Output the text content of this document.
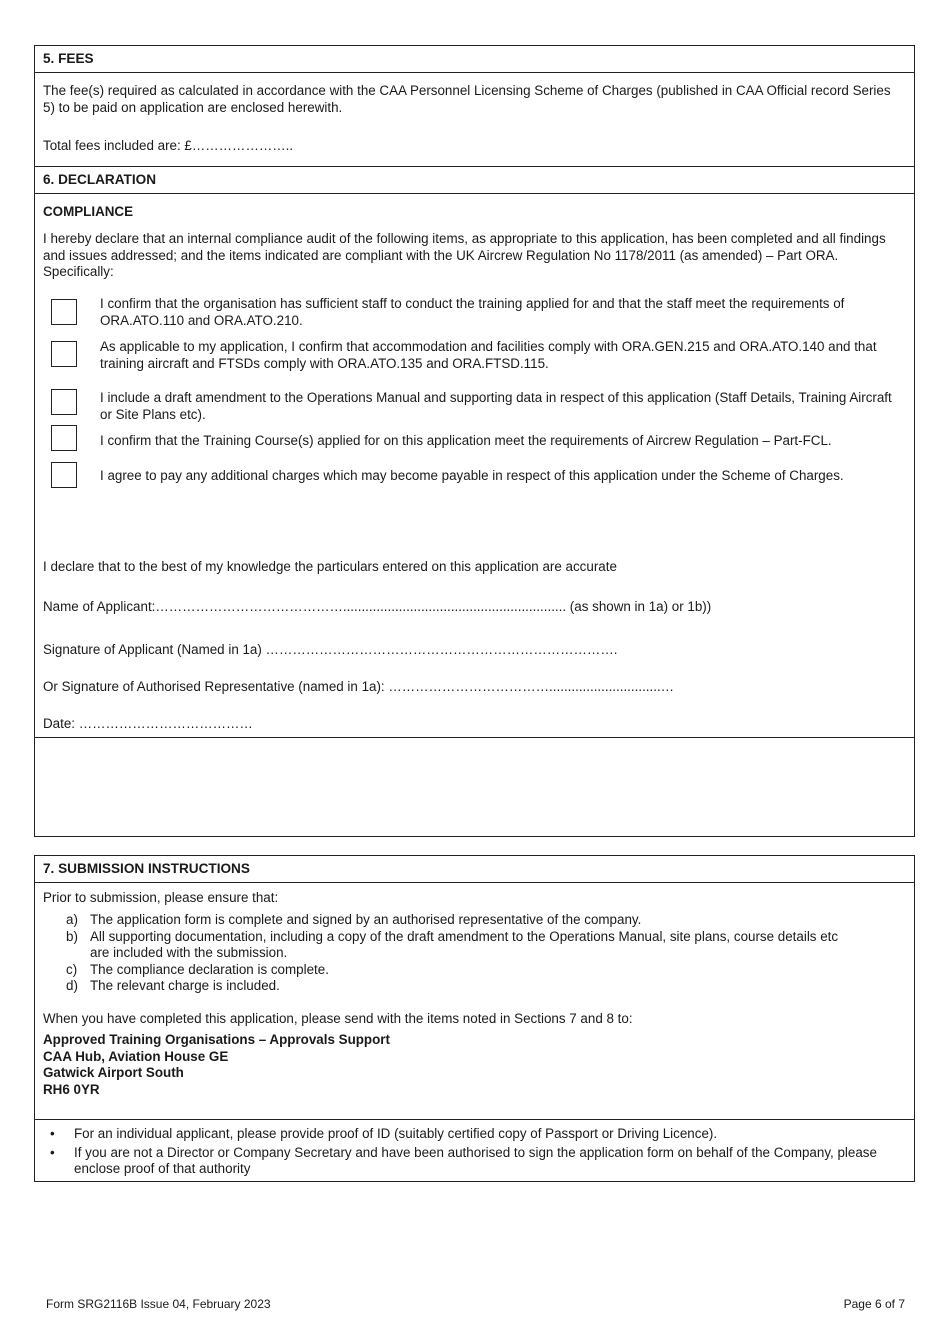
5. FEES

The fee(s) required as calculated in accordance with the CAA Personnel Licensing Scheme of Charges (published in CAA Official record Series 5) to be paid on application are enclosed herewith.

Total fees included are: £…………………..

6. DECLARATION

COMPLIANCE

I hereby declare that an internal compliance audit of the following items, as appropriate to this application, has been completed and all findings and issues addressed; and the items indicated are compliant with the UK Aircrew Regulation No 1178/2011 (as amended) – Part ORA. Specifically:

I confirm that the organisation has sufficient staff to conduct the training applied for and that the staff meet the requirements of ORA.ATO.110 and ORA.ATO.210.

As applicable to my application, I confirm that accommodation and facilities comply with ORA.GEN.215 and ORA.ATO.140 and that training aircraft and FTSDs comply with ORA.ATO.135 and ORA.FTSD.115.

I include a draft amendment to the Operations Manual and supporting data in respect of this application (Staff Details, Training Aircraft or Site Plans etc).

I confirm that the Training Course(s) applied for on this application meet the requirements of Aircrew Regulation – Part-FCL.

I agree to pay any additional charges which may become payable in respect of this application under the Scheme of Charges.

I declare that to the best of my knowledge the particulars entered on this application are accurate

Name of Applicant:……………………………………............................................................ (as shown in 1a) or 1b))

Signature of Applicant (Named in 1a) …………………………………………………………………….

Or Signature of Authorised Representative (named in 1a): ………………………………..............................…

Date: …………………………………

7. SUBMISSION INSTRUCTIONS

Prior to submission, please ensure that:

a) The application form is complete and signed by an authorised representative of the company.
b) All supporting documentation, including a copy of the draft amendment to the Operations Manual, site plans, course details etc are included with the submission.
c) The compliance declaration is complete.
d) The relevant charge is included.

When you have completed this application, please send with the items noted in Sections 7 and 8 to:

Approved Training Organisations – Approvals Support

CAA Hub, Aviation House GE

Gatwick Airport South

RH6 0YR

• For an individual applicant, please provide proof of ID (suitably certified copy of Passport or Driving Licence).
• If you are not a Director or Company Secretary and have been authorised to sign the application form on behalf of the Company, please enclose proof of that authority
Form SRG2116B Issue 04, February 2023	Page 6 of 7
